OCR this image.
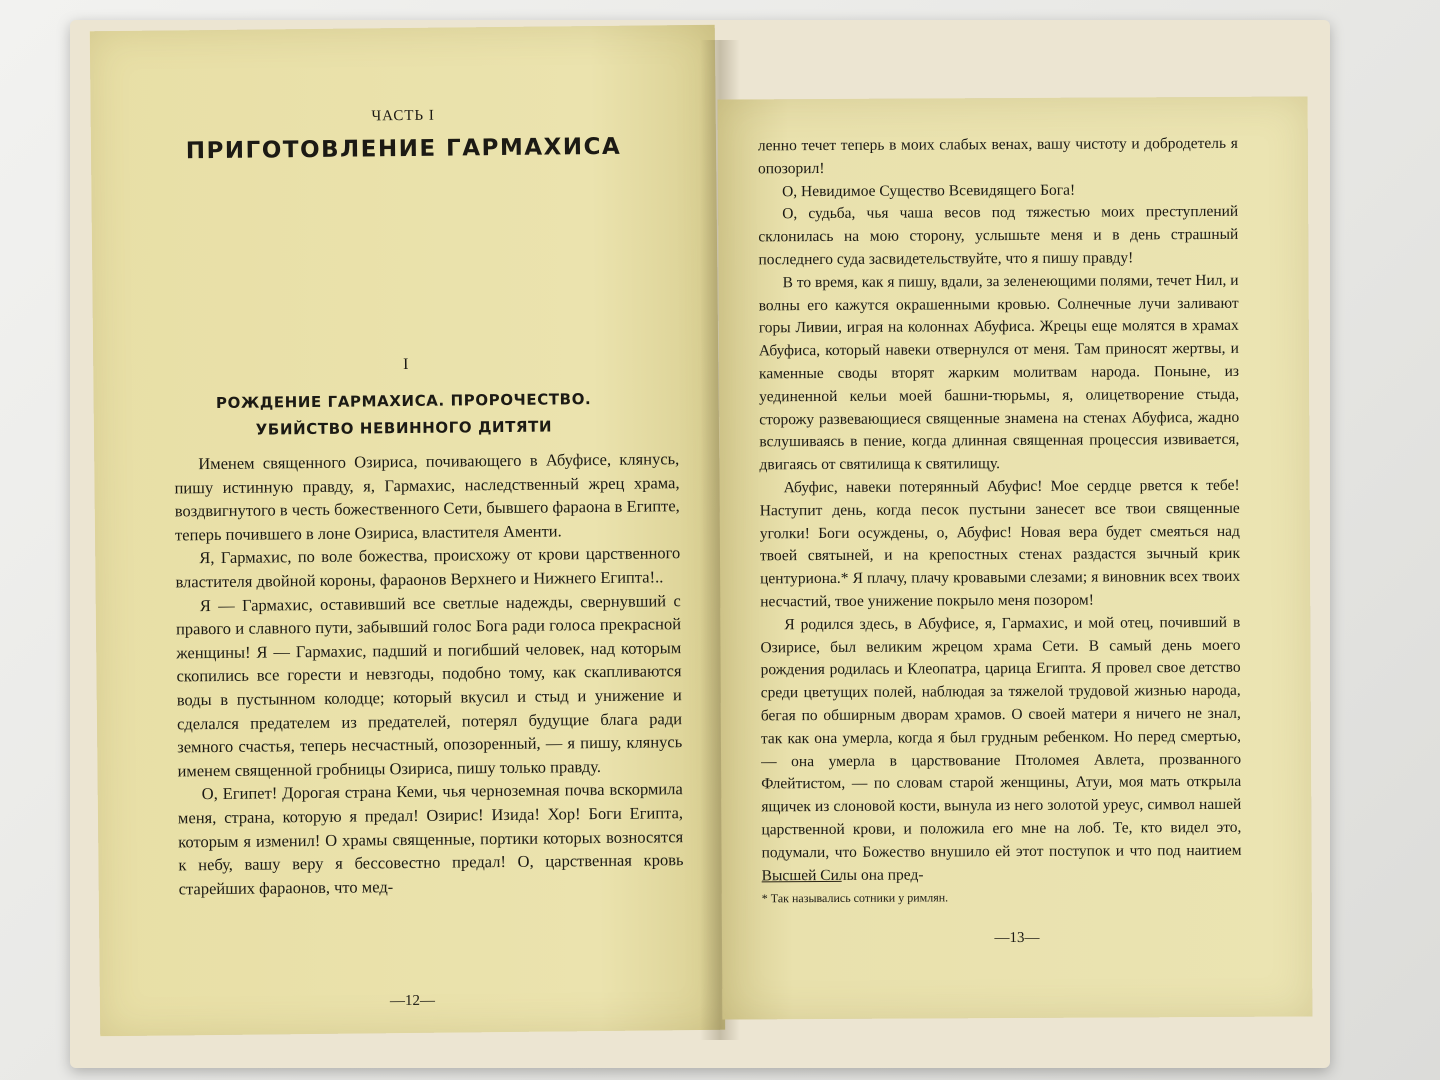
ЧАСТЬ I
ПРИГОТОВЛЕНИЕ ГАРМАХИСА
I
РОЖДЕНИЕ ГАРМАХИСА. ПРОРОЧЕСТВО.
УБИЙСТВО НЕВИННОГО ДИТЯТИ

Именем священного Озириса, почивающего в Абуфисе, клянусь, пишу истинную правду, я, Гармахис, наследственный жрец храма, воздвигнутого в честь божественного Сети, бывшего фараона в Египте, теперь почившего в лоне Озириса, властителя Аменти.

Я, Гармахис, по воле божества, происхожу от крови царственного властителя двойной короны, фараонов Верхнего и Нижнего Египта!..

Я — Гармахис, оставивший все светлые надежды, свернувший с правого и славного пути, забывший голос Бога ради голоса прекрасной женщины! Я — Гармахис, падший и погибший человек, над которым скопились все горести и невзгоды, подобно тому, как скапливаются воды в пустынном колодце; который вкусил и стыд и унижение и сделался предателем из предателей, потерял будущие блага ради земного счастья, теперь несчастный, опозоренный, — я пишу, клянусь именем священной гробницы Озириса, пишу только правду.

О, Египет! Дорогая страна Кеми, чья черноземная почва вскормила меня, страна, которую я предал! Озирис! Изида! Хор! Боги Египта, которым я изменил! О храмы священные, портики которых возносятся к небу, вашу веру я бессовестно предал! О, царственная кровь старейших фараонов, что мед-

—12—

ленно течет теперь в моих слабых венах, вашу чистоту и добродетель я опозорил!

О, Невидимое Существо Всевидящего Бога!

О, судьба, чья чаша весов под тяжестью моих преступлений склонилась на мою сторону, услышьте меня и в день страшный последнего суда засвидетельствуйте, что я пишу правду!

В то время, как я пишу, вдали, за зеленеющими полями, течет Нил, и волны его кажутся окрашенными кровью. Солнечные лучи заливают горы Ливии, играя на колоннах Абуфиса. Жрецы еще молятся в храмах Абуфиса, который навеки отвернулся от меня. Там приносят жертвы, и каменные своды вторят жарким молитвам народа. Поныне, из уединенной кельи моей башни-тюрьмы, я, олицетворение стыда, сторожу развевающиеся священные знамена на стенах Абуфиса, жадно вслушиваясь в пение, когда длинная священная процессия извивается, двигаясь от святилища к святилищу.

Абуфис, навеки потерянный Абуфис! Мое сердце рвется к тебе! Наступит день, когда песок пустыни занесет все твои священные уголки! Боги осуждены, о, Абуфис! Новая вера будет смеяться над твоей святыней, и на крепостных стенах раздастся зычный крик центуриона.* Я плачу, плачу кровавыми слезами; я виновник всех твоих несчастий, твое унижение покрыло меня позором!

Я родился здесь, в Абуфисе, я, Гармахис, и мой отец, почивший в Озирисе, был великим жрецом храма Сети. В самый день моего рождения родилась и Клеопатра, царица Египта. Я провел свое детство среди цветущих полей, наблюдая за тяжелой трудовой жизнью народа, бегая по обширным дворам храмов. О своей матери я ничего не знал, так как она умерла, когда я был грудным ребенком. Но перед смертью, — она умерла в царствование Птоломея Авлета, прозванного Флейтистом, — по словам старой женщины, Атуи, моя мать открыла ящичек из слоновой кости, вынула из него золотой уреус, символ нашей царственной крови, и положила его мне на лоб. Те, кто видел это, подумали, что Божество внушило ей этот поступок и что под наитием Высшей Силы она пред-

* Так назывались сотники у римлян.
—13—
